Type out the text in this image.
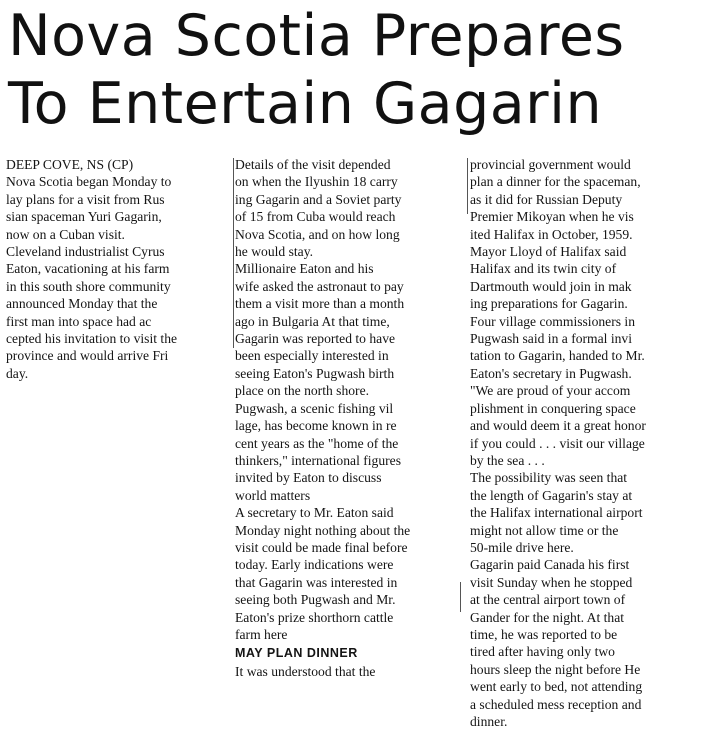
Nova Scotia Prepares
To Entertain Gagarin

DEEP COVE, NS (CP)
Nova Scotia began Monday to
lay plans for a visit from Rus
sian spaceman Yuri Gagarin,
now on a Cuban visit.

Cleveland industrialist Cyrus
Eaton, vacationing at his farm
in this south shore community
announced Monday that the
first man into space had ac
cepted his invitation to visit the
province and would arrive Fri
day.

Details of the visit depended
on when the Ilyushin 18 carry
ing Gagarin and a Soviet party
of 15 from Cuba would reach
Nova Scotia, and on how long
he would stay.

Millionaire Eaton and his
wife asked the astronaut to pay
them a visit more than a month
ago in Bulgaria At that time,
Gagarin was reported to have
been especially interested in
seeing Eaton's Pugwash birth
place on the north shore.

Pugwash, a scenic fishing vil
lage, has become known in re
cent years as the "home of the
thinkers," international figures
invited by Eaton to discuss
world matters

A secretary to Mr. Eaton said
Monday night nothing about the
visit could be made final before
today. Early indications were
that Gagarin was interested in
seeing both Pugwash and Mr.
Eaton's prize shorthorn cattle
farm here

MAY PLAN DINNER

It was understood that the

provincial government would
plan a dinner for the spaceman,
as it did for Russian Deputy
Premier Mikoyan when he vis
ited Halifax in October, 1959.

Mayor Lloyd of Halifax said
Halifax and its twin city of
Dartmouth would join in mak
ing preparations for Gagarin.

Four village commissioners in
Pugwash said in a formal invi
tation to Gagarin, handed to Mr.
Eaton's secretary in Pugwash.
"We are proud of your accom
plishment in conquering space
and would deem it a great honor
if you could . . . visit our village
by the sea . . .

The possibility was seen that
the length of Gagarin's stay at
the Halifax international airport
might not allow time or the
50-mile drive here.

Gagarin paid Canada his first
visit Sunday when he stopped
at the central airport town of
Gander for the night. At that
time, he was reported to be
tired after having only two
hours sleep the night before He
went early to bed, not attending
a scheduled mess reception and
dinner.
